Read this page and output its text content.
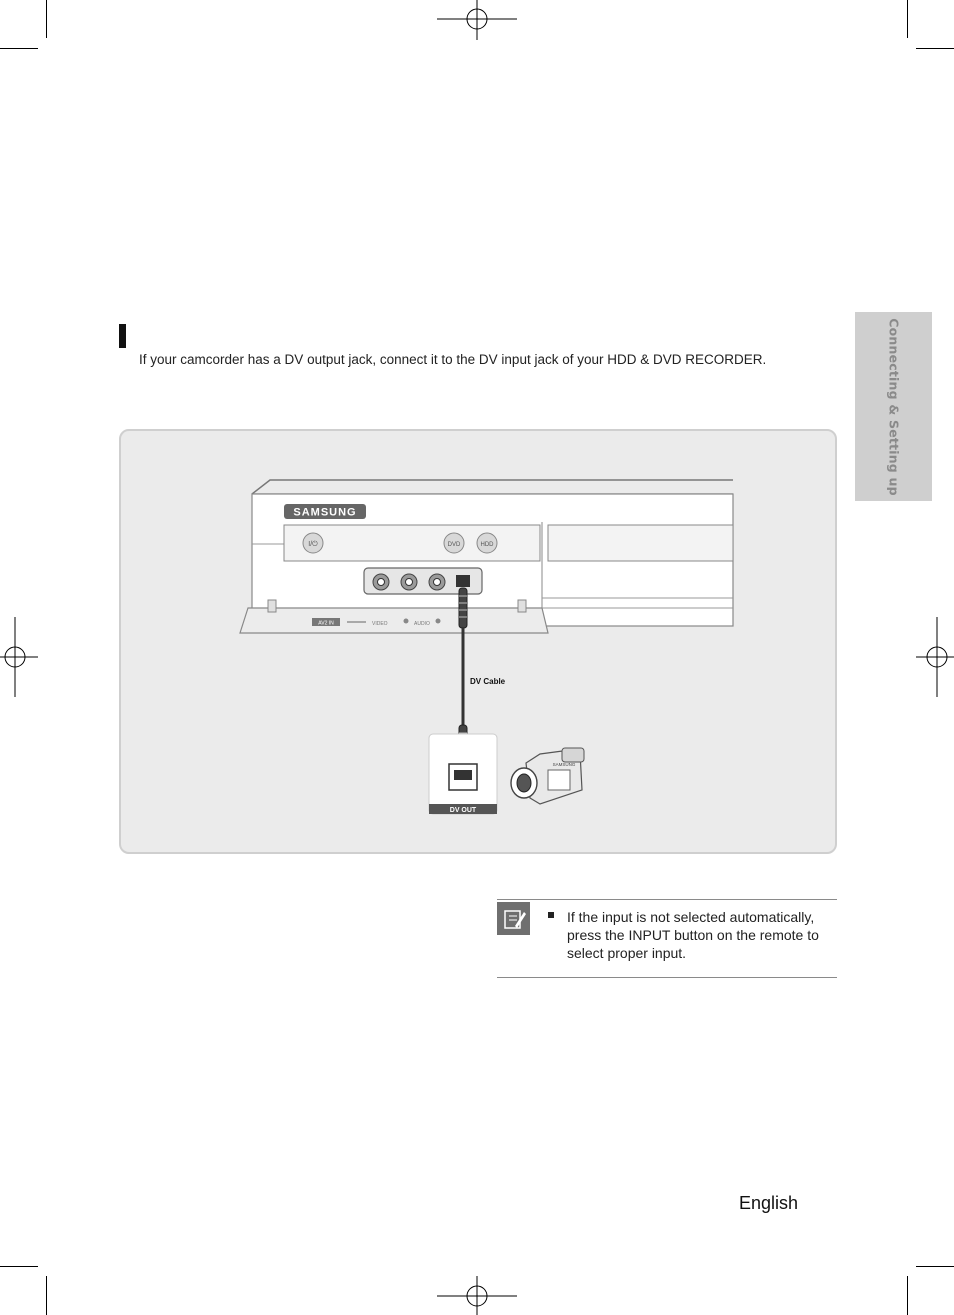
Connecting & Setting up
If your camcorder has a DV output jack, connect it to the DV input jack of your HDD & DVD RECORDER.
SAMSUNG
I/⏻	DVD	HDD
AV2 IN	VIDEO	AUDIO
DV Cable
DV OUT
SAMSUNG
If the input is not selected automatically, press the INPUT button on the remote to select proper input.
English
